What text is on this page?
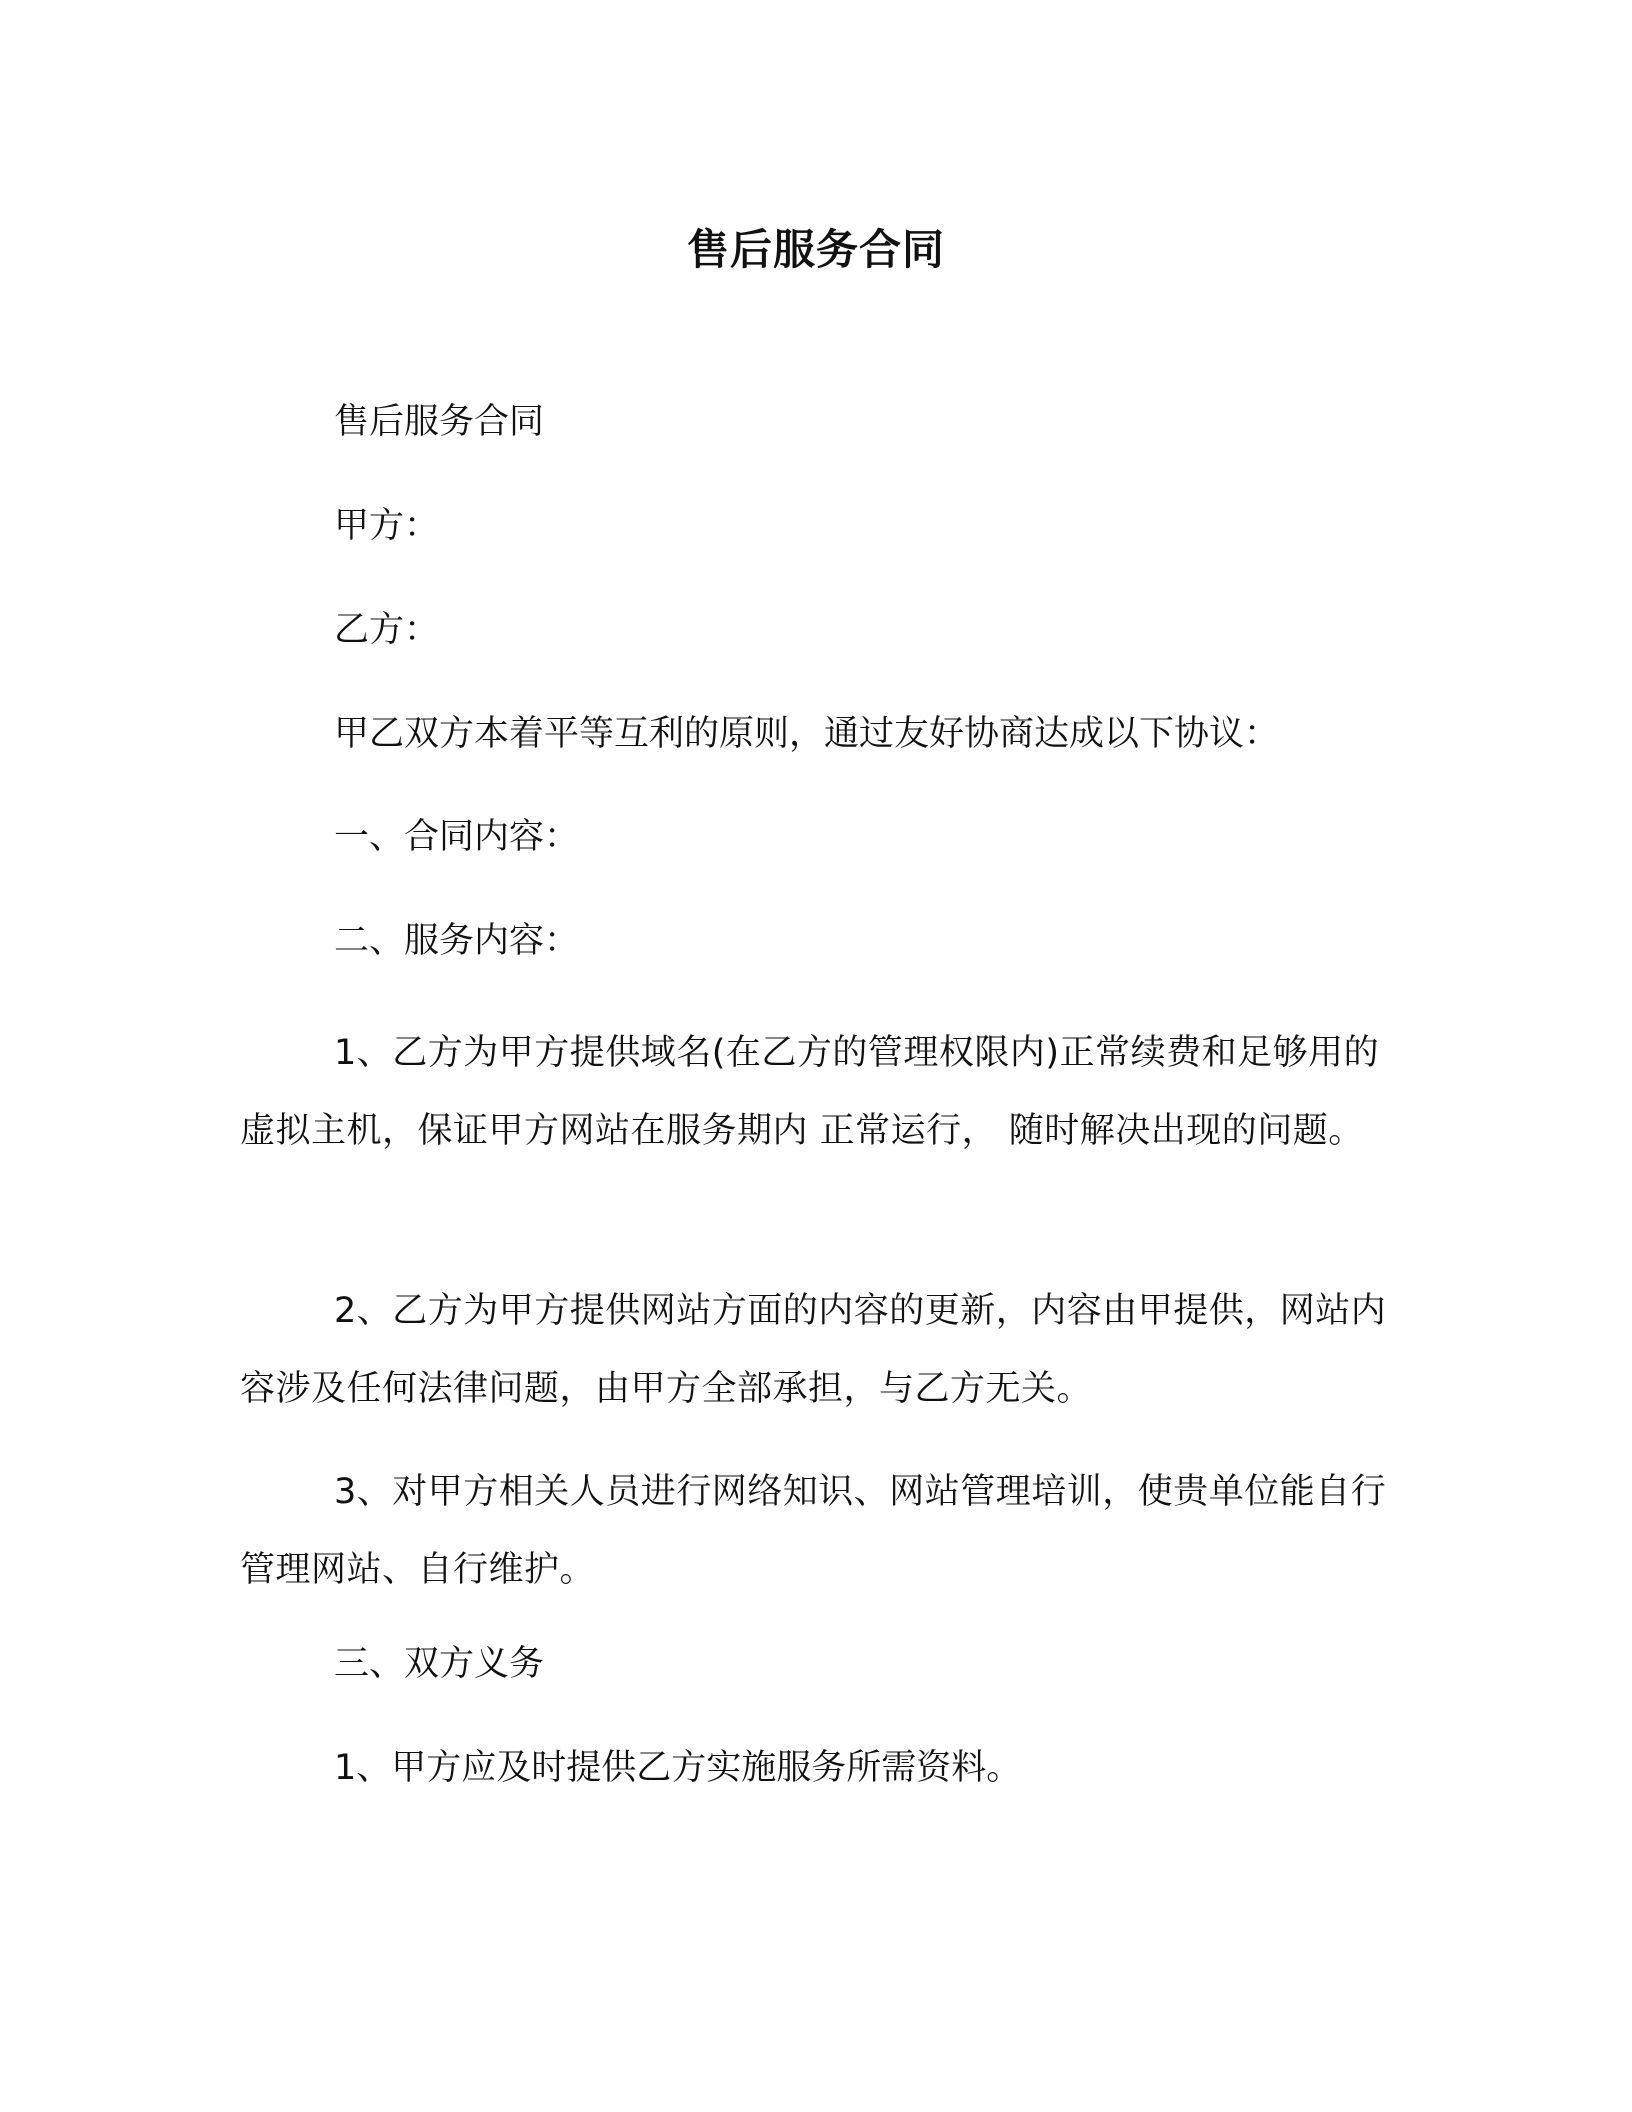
售后服务合同

售后服务合同

甲方：

乙方：

甲乙双方本着平等互利的原则，通过友好协商达成以下协议：

一、合同内容：

二、服务内容：

1、乙方为甲方提供域名(在乙方的管理权限内)正常续费和足够用的虚拟主机，保证甲方网站在服务期内 正常运行， 随时解决出现的问题。

2、乙方为甲方提供网站方面的内容的更新，内容由甲提供，网站内容涉及任何法律问题，由甲方全部承担，与乙方无关。

3、对甲方相关人员进行网络知识、网站管理培训，使贵单位能自行管理网站、自行维护。

三、双方义务

1、甲方应及时提供乙方实施服务所需资料。
